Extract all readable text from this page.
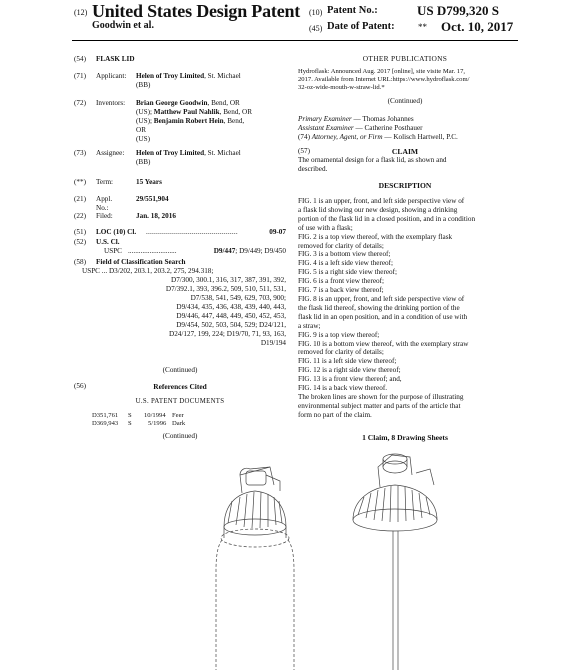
(12) United States Design Patent
Goodwin et al.
(10) Patent No.:	US D799,320 S
(45) Date of Patent:	** Oct. 10, 2017
(54)	FLASK LID
(71)	Applicant: Helen of Troy Limited, St. Michael
(BB)
(72)	Inventors: Brian George Goodwin, Bend, OR
(US); Matthew Paul Nahlik, Bend, OR
(US); Benjamin Robert Hein, Bend,
OR (US)
(73)	Assignee: Helen of Troy Limited, St. Michael
(BB)
(**)	Term:	15 Years
(21)	Appl. No.:
29/551,904
(22)	Filed:	Jan. 18, 2016
(51)	LOC (10) Cl. ..............................................	09-07
(52)	U.S. Cl.
USPC ...........................	D9/447; D9/449; D9/450
(58)	Field of Classification Search
USPC ... D3/202, 203.1, 203.2, 275, 294.318;
D7/300, 300.1, 316, 317, 387, 391, 392,
D7/392.1, 393, 396.2, 509, 510, 511, 531,
D7/538, 541, 549, 629, 703, 900;
D9/434, 435, 436, 438, 439, 440, 443,
D9/446, 447, 448, 449, 450, 452, 453,
D9/454, 502, 503, 504, 529; D24/121,
D24/127, 199, 224; D19/70, 71, 93, 163,
D19/194
(Continued)
(56)	References Cited
U.S. PATENT DOCUMENTS
D351,761 S 10/1994 Feer
D369,943 S 5/1996 Dark
(Continued)
OTHER PUBLICATIONS
Hydroflask: Announced Aug. 2017 [online], site visite Mar. 17,
2017. Available from Internet URL:https://www.hydroflask.com/
32-oz-wide-mouth-w-straw-lid.*
(Continued)
Primary Examiner — Thomas Johannes
Assistant Examiner — Catherine Posthauer
(74) Attorney, Agent, or Firm — Kolisch Hartwell, P.C.
(57)	CLAIM
The ornamental design for a flask lid, as shown and
described.
DESCRIPTION
FIG. 1 is an upper, front, and left side perspective view of
a flask lid showing our new design, showing a drinking
portion of the flask lid in a closed position, and in a condition
of use with a flask;
FIG. 2 is a top view thereof, with the exemplary flask
removed for clarity of details;
FIG. 3 is a bottom view thereof;
FIG. 4 is a left side view thereof;
FIG. 5 is a right side view thereof;
FIG. 6 is a front view thereof;
FIG. 7 is a back view thereof;
FIG. 8 is an upper, front, and left side perspective view of
the flask lid thereof, showing the drinking portion of the
flask lid in an open position, and in a condition of use with
a straw;
FIG. 9 is a top view thereof;
FIG. 10 is a bottom view thereof, with the exemplary straw
removed for clarity of details;
FIG. 11 is a left side view thereof;
FIG. 12 is a right side view thereof;
FIG. 13 is a front view thereof; and,
FIG. 14 is a back view thereof.
The broken lines are shown for the purpose of illustrating
environmental subject matter and parts of the article that
form no part of the claim.
1 Claim, 8 Drawing Sheets
